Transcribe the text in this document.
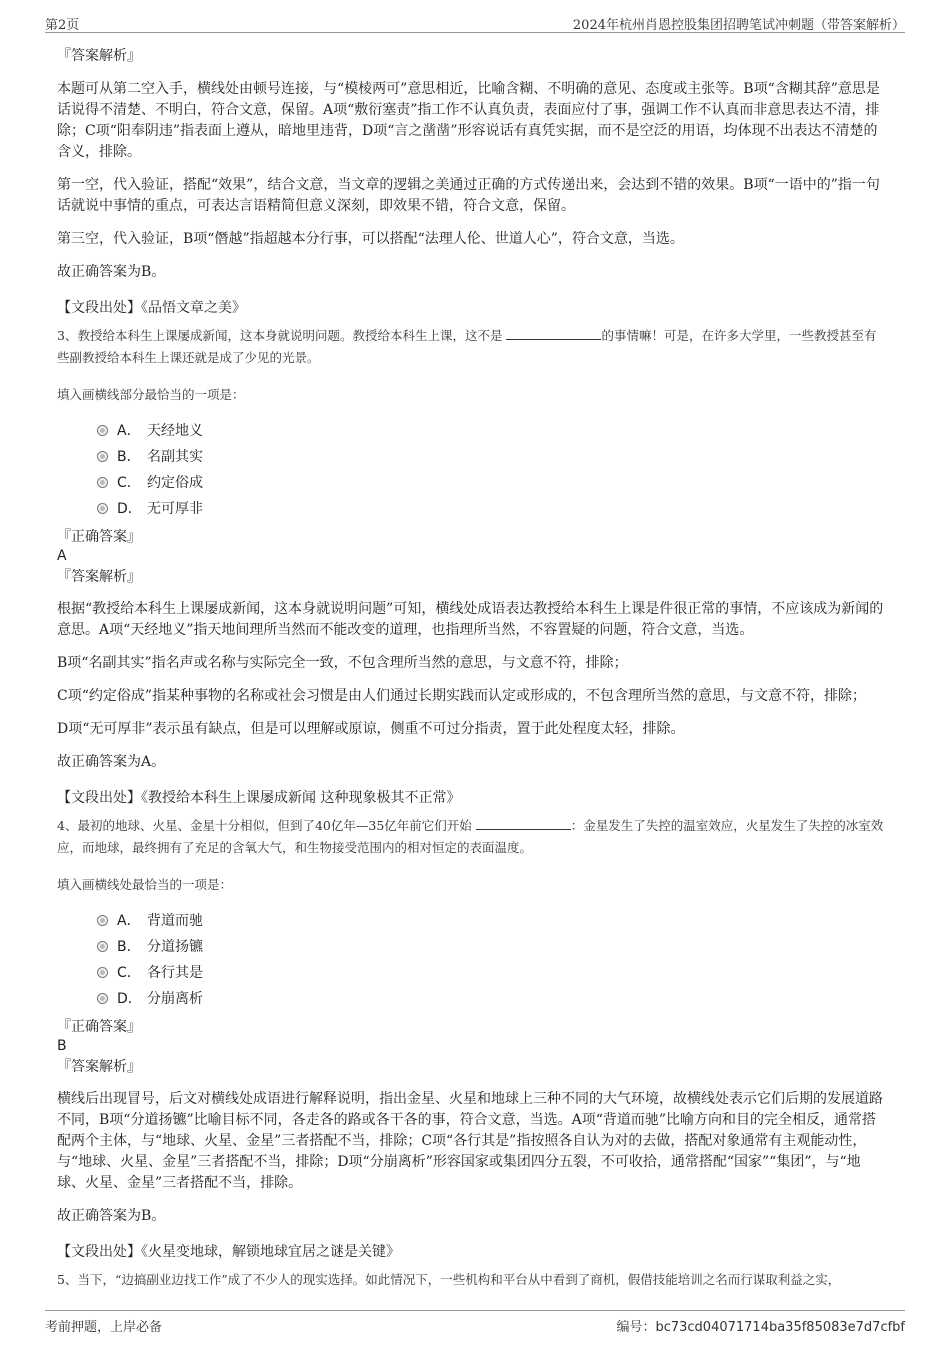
第2页	2024年杭州肖恩控股集团招聘笔试冲刺题（带答案解析）
『答案解析』

本题可从第二空入手，横线处由顿号连接，与“模棱两可”意思相近，比喻含糊、不明确的意见、态度或主张等。B项“含糊其辞”意思是话说得不清楚、不明白，符合文意，保留。A项“敷衍塞责”指工作不认真负责，表面应付了事，强调工作不认真而非意思表达不清，排除；C项“阳奉阴违”指表面上遵从，暗地里违背，D项“言之凿凿”形容说话有真凭实据，而不是空泛的用语，均体现不出表达不清楚的含义，排除。

第一空，代入验证，搭配“效果”，结合文意，当文章的逻辑之美通过正确的方式传递出来，会达到不错的效果。B项“一语中的”指一句话就说中事情的重点，可表达言语精简但意义深刻，即效果不错，符合文意，保留。

第三空，代入验证，B项“僭越”指超越本分行事，可以搭配“法理人伦、世道人心”，符合文意，当选。

故正确答案为B。

【文段出处】《品悟文章之美》

3、教授给本科生上课屡成新闻，这本身就说明问题。教授给本科生上课，这不是	的事情嘛！可是，在许多大学里，一些教授甚至有些副教授给本科生上课还就是成了少见的光景。

填入画横线部分最恰当的一项是：

A． 天经地义
B． 名副其实
C． 约定俗成
D． 无可厚非
『正确答案』
A
『答案解析』

根据“教授给本科生上课屡成新闻，这本身就说明问题”可知，横线处成语表达教授给本科生上课是件很正常的事情，不应该成为新闻的意思。A项“天经地义”指天地间理所当然而不能改变的道理，也指理所当然，不容置疑的问题，符合文意，当选。

B项“名副其实”指名声或名称与实际完全一致，不包含理所当然的意思，与文意不符，排除；

C项“约定俗成”指某种事物的名称或社会习惯是由人们通过长期实践而认定或形成的，不包含理所当然的意思，与文意不符，排除；

D项“无可厚非”表示虽有缺点，但是可以理解或原谅，侧重不可过分指责，置于此处程度太轻，排除。

故正确答案为A。

【文段出处】《教授给本科生上课屡成新闻 这种现象极其不正常》

4、最初的地球、火星、金星十分相似，但到了40亿年—35亿年前它们开始	：金星发生了失控的温室效应，火星发生了失控的冰室效应，而地球，最终拥有了充足的含氧大气，和生物接受范围内的相对恒定的表面温度。

填入画横线处最恰当的一项是：

A． 背道而驰
B． 分道扬镳
C． 各行其是
D． 分崩离析
『正确答案』
B
『答案解析』

横线后出现冒号，后文对横线处成语进行解释说明，指出金星、火星和地球上三种不同的大气环境，故横线处表示它们后期的发展道路不同，B项“分道扬镳”比喻目标不同，各走各的路或各干各的事，符合文意，当选。A项“背道而驰”比喻方向和目的完全相反，通常搭配两个主体，与“地球、火星、金星”三者搭配不当，排除；C项“各行其是”指按照各自认为对的去做，搭配对象通常有主观能动性，与“地球、火星、金星”三者搭配不当，排除；D项“分崩离析”形容国家或集团四分五裂，不可收拾，通常搭配“国家”“集团”，与“地球、火星、金星”三者搭配不当，排除。

故正确答案为B。

【文段出处】《火星变地球，解锁地球宜居之谜是关键》

5、当下，“边搞副业边找工作”成了不少人的现实选择。如此情况下，一些机构和平台从中看到了商机，假借技能培训之名而行谋取利益之实，

考前押题，上岸必备	编号：bc73cd04071714ba35f85083e7d7cfbf
